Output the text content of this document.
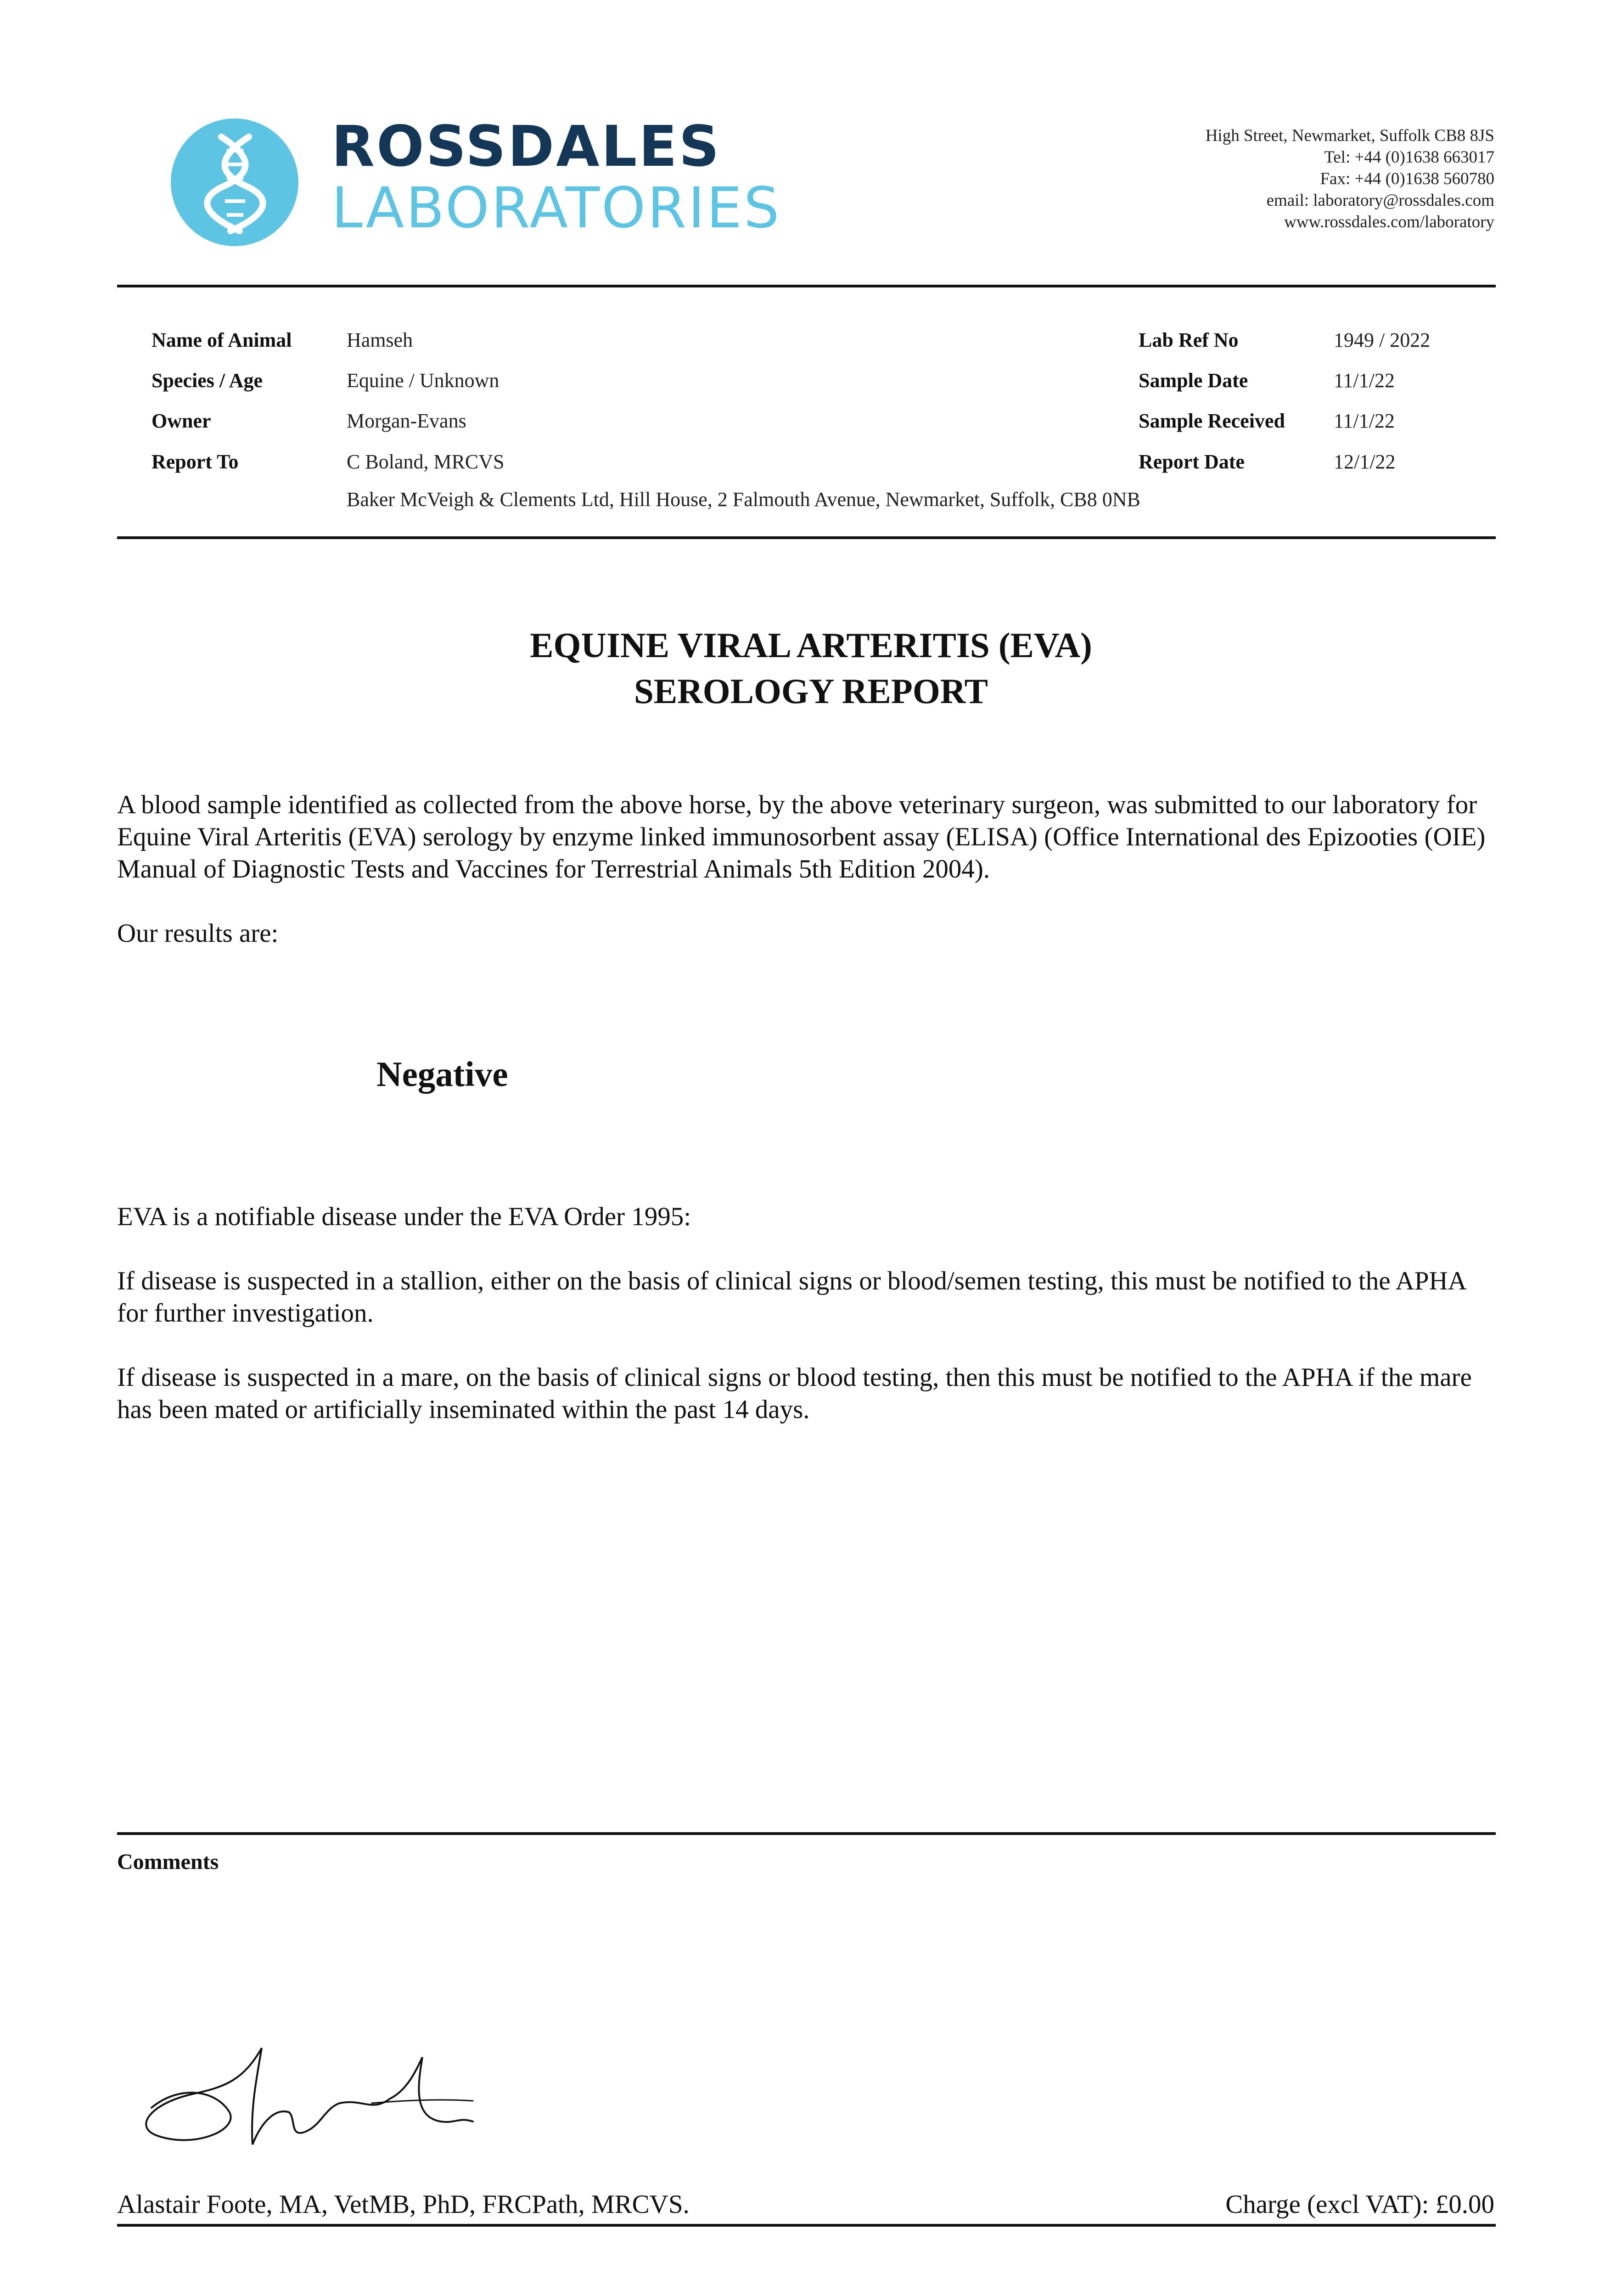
ROSSDALES
LABORATORIES
High Street, Newmarket, Suffolk CB8 8JS
Tel: +44 (0)1638 663017
Fax: +44 (0)1638 560780
email: laboratory@rossdales.com
www.rossdales.com/laboratory
Name of Animal	Hamseh
Species / Age	Equine / Unknown
Owner	Morgan-Evans
Report To	C Boland, MRCVS
Baker McVeigh & Clements Ltd, Hill House, 2 Falmouth Avenue, Newmarket, Suffolk, CB8 0NB
Lab Ref No	1949 / 2022
Sample Date	11/1/22
Sample Received 11/1/22
Report Date	12/1/22
EQUINE VIRAL ARTERITIS (EVA)
SEROLOGY REPORT
A blood sample identified as collected from the above horse, by the above veterinary surgeon, was submitted to our laboratory for Equine Viral Arteritis (EVA) serology by enzyme linked immunosorbent assay (ELISA) (Office International des Epizooties (OIE) Manual of Diagnostic Tests and Vaccines for Terrestrial Animals 5th Edition 2004).
Our results are:
Negative
EVA is a notifiable disease under the EVA Order 1995:
If disease is suspected in a stallion, either on the basis of clinical signs or blood/semen testing, this must be notified to the APHA for further investigation.
If disease is suspected in a mare, on the basis of clinical signs or blood testing, then this must be notified to the APHA if the mare has been mated or artificially inseminated within the past 14 days.
Comments
Alastair Foote, MA, VetMB, PhD, FRCPath, MRCVS.	Charge (excl VAT): £0.00
